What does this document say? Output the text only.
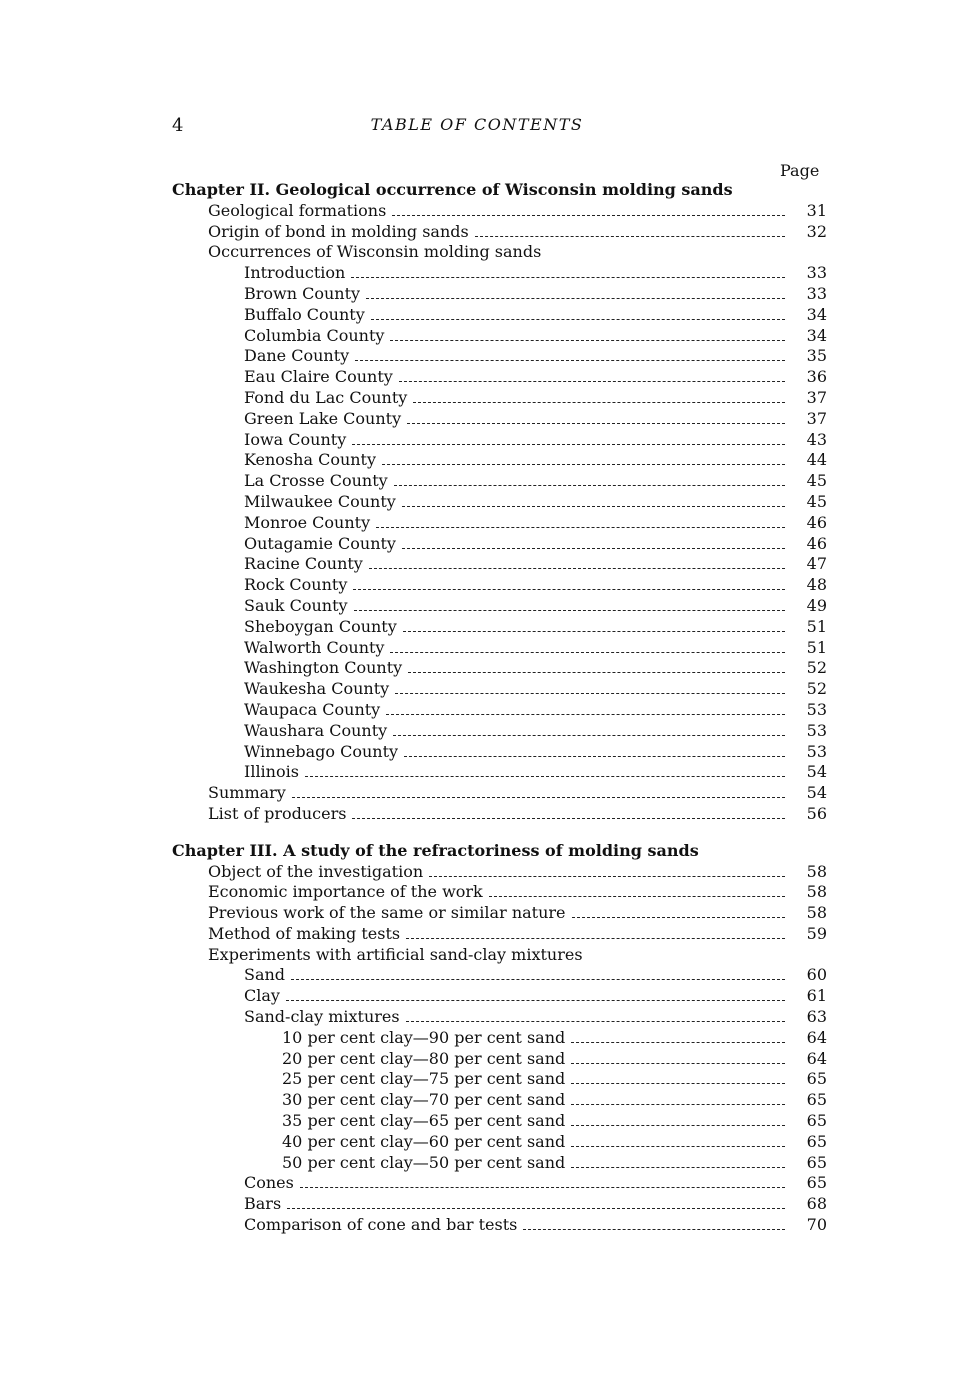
4	TABLE OF CONTENTS
Page
Chapter II. Geological occurrence of Wisconsin molding sands
Geological formations	31
Origin of bond in molding sands	32
Occurrences of Wisconsin molding sands
Introduction	33
Brown County	33
Buffalo County	34
Columbia County	34
Dane County	35
Eau Claire County	36
Fond du Lac County	37
Green Lake County	37
Iowa County	43
Kenosha County	44
La Crosse County	45
Milwaukee County	45
Monroe County	46
Outagamie County	46
Racine County	47
Rock County	48
Sauk County	49
Sheboygan County	51
Walworth County	51
Washington County	52
Waukesha County	52
Waupaca County	53
Waushara County	53
Winnebago County	53
Illinois	54
Summary	54
List of producers	56
Chapter III. A study of the refractoriness of molding sands
Object of the investigation	58
Economic importance of the work	58
Previous work of the same or similar nature	58
Method of making tests	59
Experiments with artificial sand-clay mixtures
Sand	60
Clay	61
Sand-clay mixtures	63
10 per cent clay—90 per cent sand	64
20 per cent clay—80 per cent sand	64
25 per cent clay—75 per cent sand	65
30 per cent clay—70 per cent sand	65
35 per cent clay—65 per cent sand	65
40 per cent clay—60 per cent sand	65
50 per cent clay—50 per cent sand	65
Cones	65
Bars	68
Comparison of cone and bar tests	70
